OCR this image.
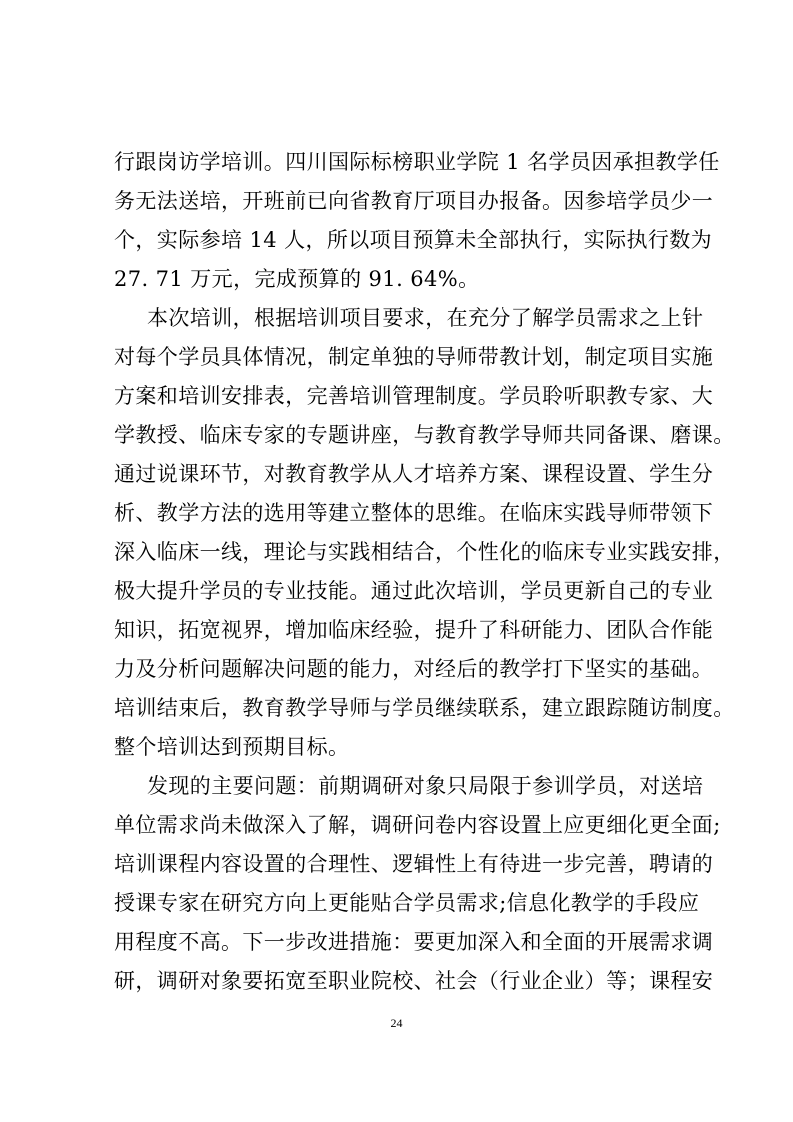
行跟岗访学培训。四川国际标榜职业学院 1 名学员因承担教学任
务无法送培，开班前已向省教育厅项目办报备。因参培学员少一
个，实际参培 14 人，所以项目预算未全部执行，实际执行数为
27. 71 万元，完成预算的 91. 64%。
本次培训，根据培训项目要求，在充分了解学员需求之上针
对每个学员具体情况，制定单独的导师带教计划，制定项目实施
方案和培训安排表，完善培训管理制度。学员聆听职教专家、大
学教授、临床专家的专题讲座，与教育教学导师共同备课、磨课。
通过说课环节，对教育教学从人才培养方案、课程设置、学生分
析、教学方法的选用等建立整体的思维。在临床实践导师带领下
深入临床一线，理论与实践相结合，个性化的临床专业实践安排，
极大提升学员的专业技能。通过此次培训，学员更新自己的专业
知识，拓宽视界，增加临床经验，提升了科研能力、团队合作能
力及分析问题解决问题的能力，对经后的教学打下坚实的基础。
培训结束后，教育教学导师与学员继续联系，建立跟踪随访制度。
整个培训达到预期目标。
发现的主要问题：前期调研对象只局限于参训学员，对送培
单位需求尚未做深入了解，调研问卷内容设置上应更细化更全面;
培训课程内容设置的合理性、逻辑性上有待进一步完善，聘请的
授课专家在研究方向上更能贴合学员需求;信息化教学的手段应
用程度不高。下一步改进措施：要更加深入和全面的开展需求调
研，调研对象要拓宽至职业院校、社会（行业企业）等；课程安
24
